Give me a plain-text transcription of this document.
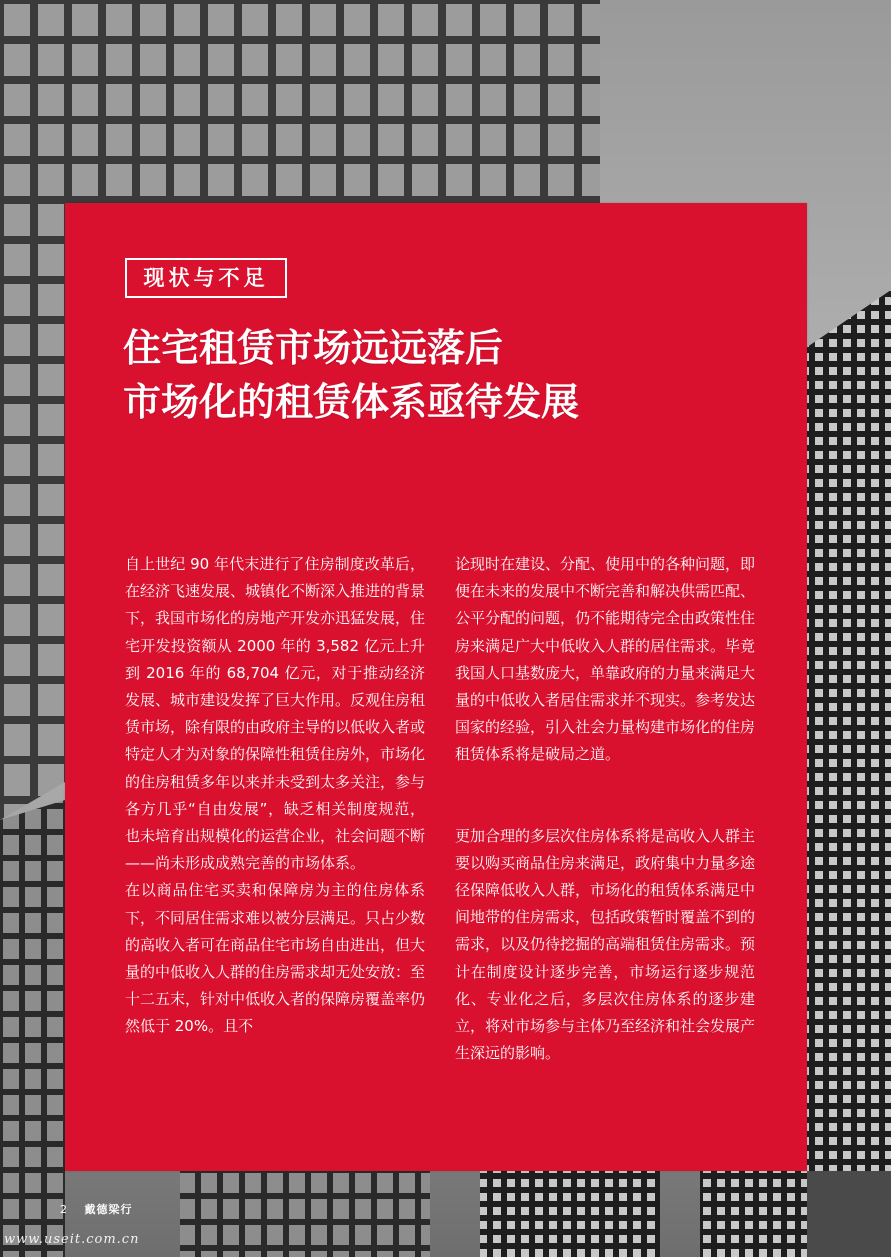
现状与不足
住宅租赁市场远远落后
市场化的租赁体系亟待发展

自上世纪 90 年代末进行了住房制度改革后，在经济飞速发展、城镇化不断深入推进的背景下，我国市场化的房地产开发亦迅猛发展，住宅开发投资额从 2000 年的 3,582 亿元上升到 2016 年的 68,704 亿元，对于推动经济发展、城市建设发挥了巨大作用。反观住房租赁市场，除有限的由政府主导的以低收入者或特定人才为对象的保障性租赁住房外，市场化的住房租赁多年以来并未受到太多关注，参与各方几乎“自由发展”，缺乏相关制度规范，也未培育出规模化的运营企业，社会问题不断——尚未形成成熟完善的市场体系。

在以商品住宅买卖和保障房为主的住房体系下，不同居住需求难以被分层满足。只占少数的高收入者可在商品住宅市场自由进出，但大量的中低收入人群的住房需求却无处安放：至十二五末，针对中低收入者的保障房覆盖率仍然低于 20%。且不

论现时在建设、分配、使用中的各种问题，即便在未来的发展中不断完善和解决供需匹配、公平分配的问题，仍不能期待完全由政策性住房来满足广大中低收入人群的居住需求。毕竟我国人口基数庞大，单靠政府的力量来满足大量的中低收入者居住需求并不现实。参考发达国家的经验，引入社会力量构建市场化的住房租赁体系将是破局之道。

更加合理的多层次住房体系将是高收入人群主要以购买商品住房来满足，政府集中力量多途径保障低收入人群，市场化的租赁体系满足中间地带的住房需求，包括政策暂时覆盖不到的需求，以及仍待挖掘的高端租赁住房需求。预计在制度设计逐步完善，市场运行逐步规范化、专业化之后，多层次住房体系的逐步建立，将对市场参与主体乃至经济和社会发展产生深远的影响。

2 戴德梁行
www.useit.com.cn
